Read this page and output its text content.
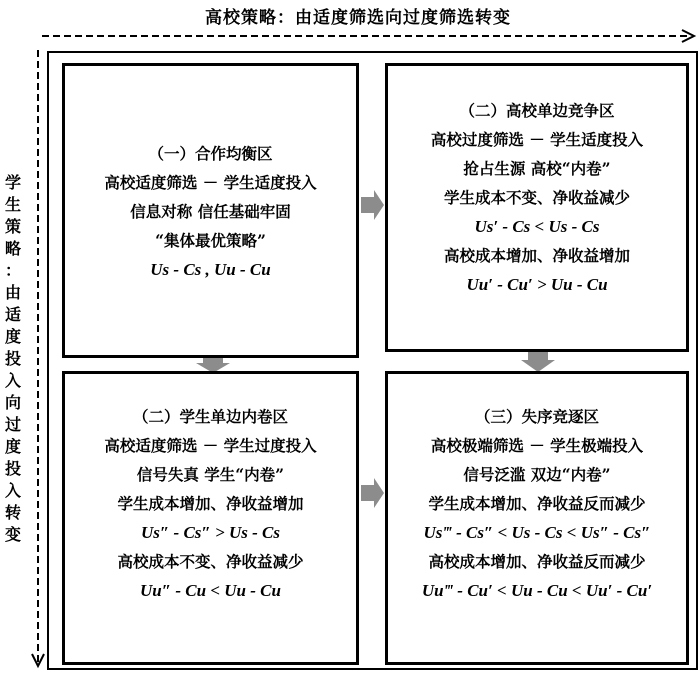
高校策略：由适度筛选向过度筛选转变
学
生
策
略
：
由
适
度
投
入
向
过
度
投
入
转
变
（一）合作均衡区
高校适度筛选 － 学生适度投入
信息对称 信任基础牢固
“集体最优策略”
Us - Cs , Uu - Cu
（二）高校单边竞争区
高校过度筛选 － 学生适度投入
抢占生源 高校“内卷”
学生成本不变、净收益减少
Us′ - Cs < Us - Cs
高校成本增加、净收益增加
Uu′ - Cu′ > Uu - Cu
（二）学生单边内卷区
高校适度筛选 － 学生过度投入
信号失真 学生“内卷”
学生成本增加、净收益增加
Us″ - Cs″ > Us - Cs
高校成本不变、净收益减少
Uu″ - Cu < Uu - Cu
（三）失序竞逐区
高校极端筛选 － 学生极端投入
信号泛滥 双边“内卷”
学生成本增加、净收益反而减少
Us‴ - Cs″ < Us - Cs < Us″ - Cs″
高校成本增加、净收益反而减少
Uu‴ - Cu′ < Uu - Cu < Uu′ - Cu′
